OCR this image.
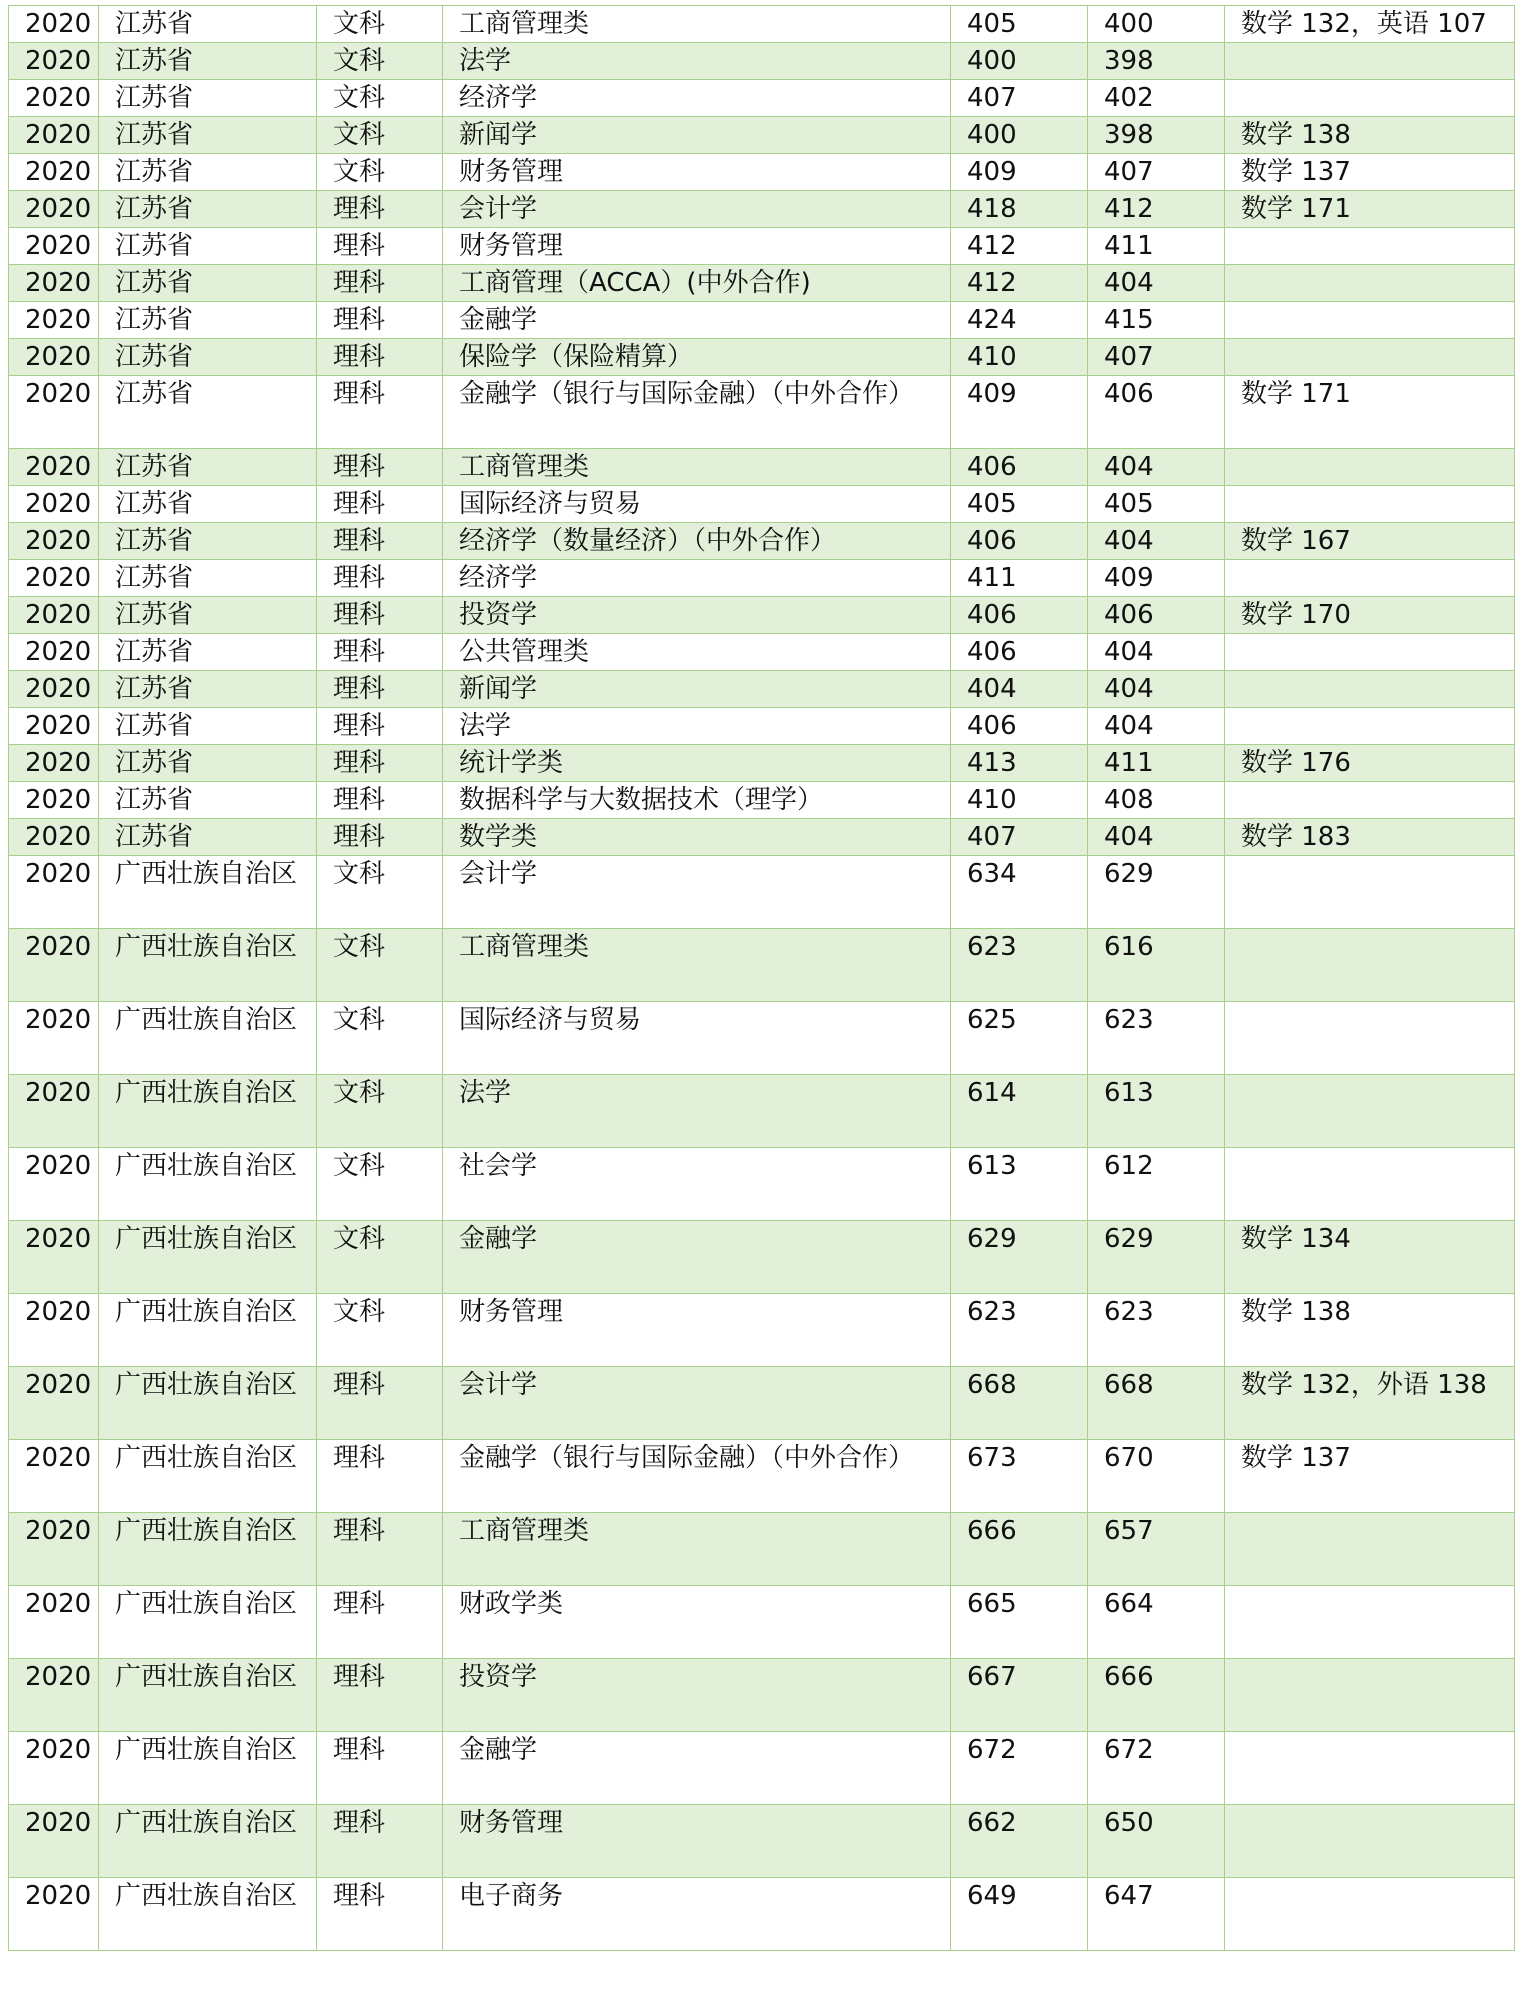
2020	江苏省	文科	工商管理类	405	400	数学 132，英语 107
2020	江苏省	文科	法学	400	398	
2020	江苏省	文科	经济学	407	402	
2020	江苏省	文科	新闻学	400	398	数学 138
2020	江苏省	文科	财务管理	409	407	数学 137
2020	江苏省	理科	会计学	418	412	数学 171
2020	江苏省	理科	财务管理	412	411	
2020	江苏省	理科	工商管理（ACCA）(中外合作)	412	404	
2020	江苏省	理科	金融学	424	415	
2020	江苏省	理科	保险学（保险精算）	410	407	
2020	江苏省	理科	金融学（银行与国际金融）（中外合作）	409	406	数学 171
2020	江苏省	理科	工商管理类	406	404	
2020	江苏省	理科	国际经济与贸易	405	405	
2020	江苏省	理科	经济学（数量经济）（中外合作）	406	404	数学 167
2020	江苏省	理科	经济学	411	409	
2020	江苏省	理科	投资学	406	406	数学 170
2020	江苏省	理科	公共管理类	406	404	
2020	江苏省	理科	新闻学	404	404	
2020	江苏省	理科	法学	406	404	
2020	江苏省	理科	统计学类	413	411	数学 176
2020	江苏省	理科	数据科学与大数据技术（理学）	410	408	
2020	江苏省	理科	数学类	407	404	数学 183
2020	广西壮族自治区	文科	会计学	634	629	
2020	广西壮族自治区	文科	工商管理类	623	616	
2020	广西壮族自治区	文科	国际经济与贸易	625	623	
2020	广西壮族自治区	文科	法学	614	613	
2020	广西壮族自治区	文科	社会学	613	612	
2020	广西壮族自治区	文科	金融学	629	629	数学 134
2020	广西壮族自治区	文科	财务管理	623	623	数学 138
2020	广西壮族自治区	理科	会计学	668	668	数学 132，外语 138
2020	广西壮族自治区	理科	金融学（银行与国际金融）（中外合作）	673	670	数学 137
2020	广西壮族自治区	理科	工商管理类	666	657	
2020	广西壮族自治区	理科	财政学类	665	664	
2020	广西壮族自治区	理科	投资学	667	666	
2020	广西壮族自治区	理科	金融学	672	672	
2020	广西壮族自治区	理科	财务管理	662	650	
2020	广西壮族自治区	理科	电子商务	649	647	
